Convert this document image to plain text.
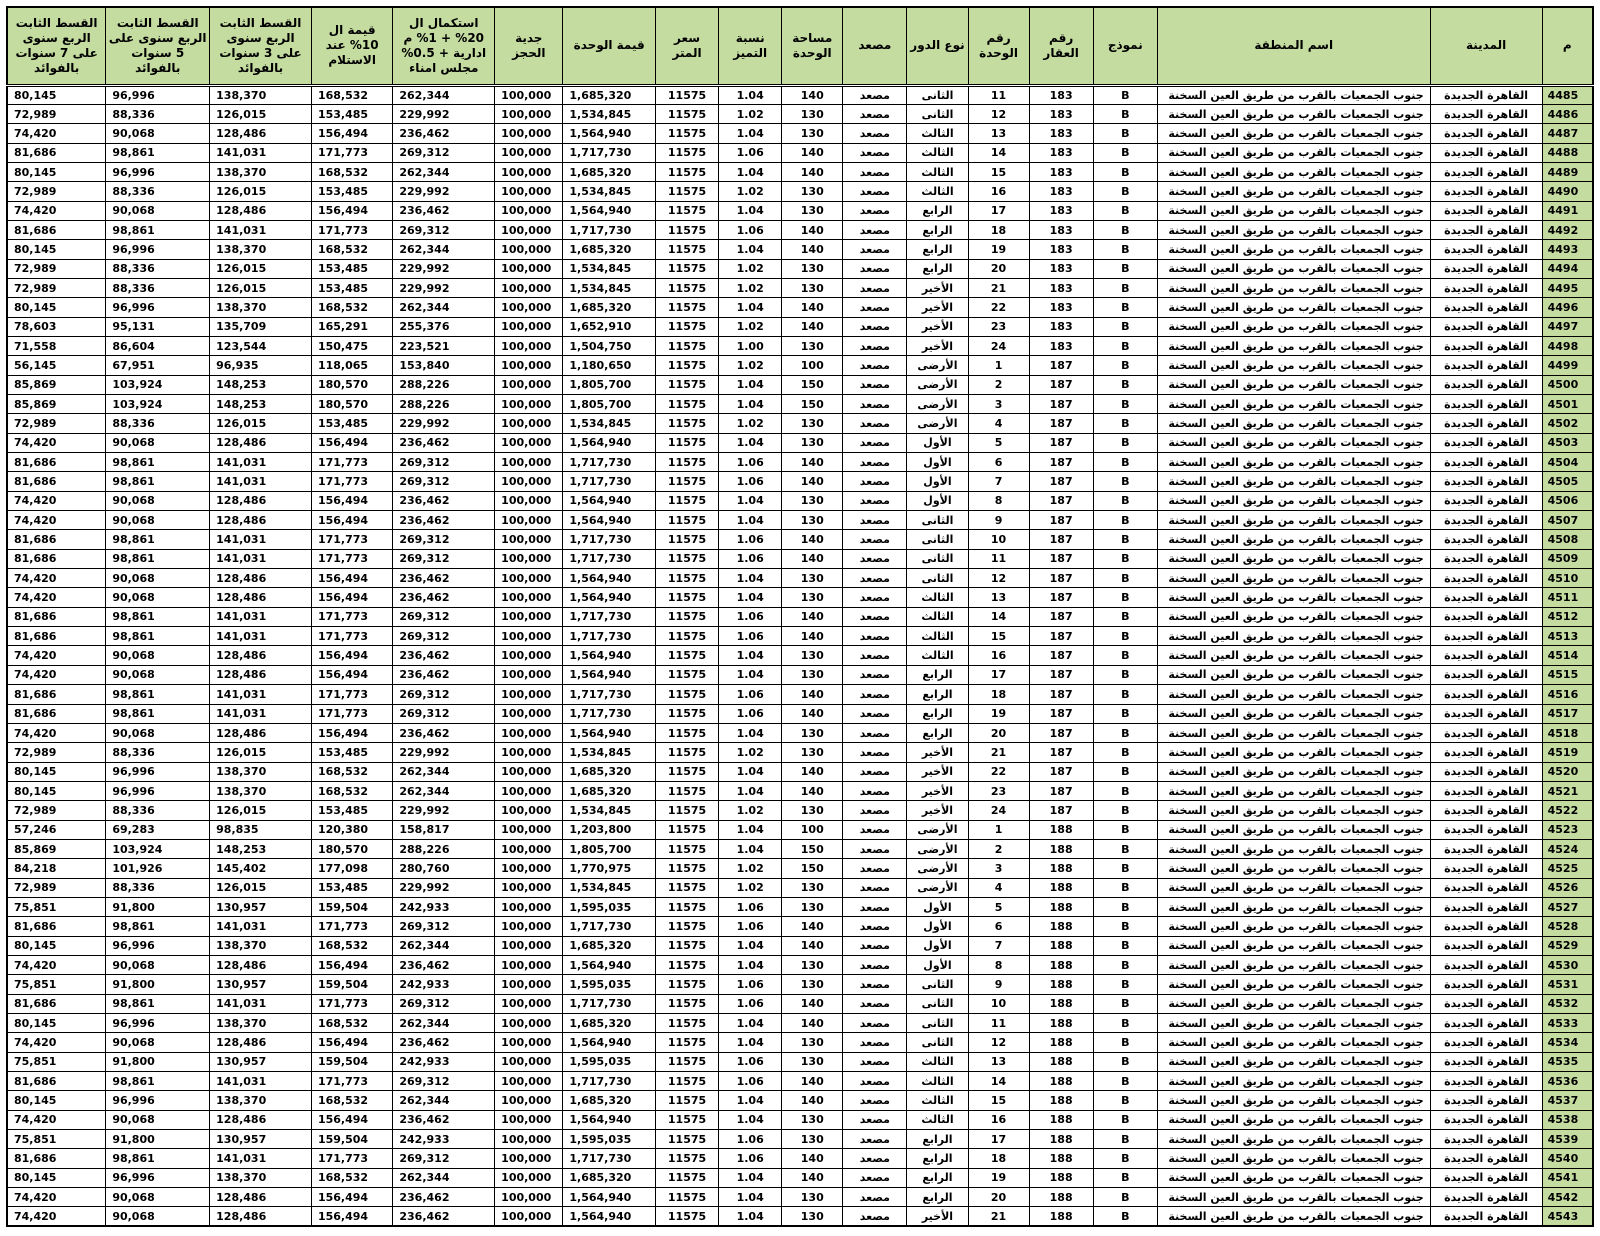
م	المدينة	اسم المنطقة	نموذج	رقم العقار	رقم الوحدة	نوع الدور	مصعد	مساحة الوحدة	نسبة التميز	سعر المتر	قيمة الوحدة	جدية الحجز	استكمال ال 20% + 1% م ادارية + 0.5% مجلس امناء	قيمة ال 10% عند الاستلام	القسط الثابت الربع سنوى على 3 سنوات بالفوائد	القسط الثابت الربع سنوى على 5 سنوات بالفوائد	القسط الثابت الربع سنوى على 7 سنوات بالفوائد
4485	القاهرة الجديدة	جنوب الجمعيات بالقرب من طريق العين السخنة	B	183	11	الثانى	مصعد	140	1.04	11575	1,685,320	100,000	262,344	168,532	138,370	96,996	80,145
4486	القاهرة الجديدة	جنوب الجمعيات بالقرب من طريق العين السخنة	B	183	12	الثانى	مصعد	130	1.02	11575	1,534,845	100,000	229,992	153,485	126,015	88,336	72,989
4487	القاهرة الجديدة	جنوب الجمعيات بالقرب من طريق العين السخنة	B	183	13	الثالث	مصعد	130	1.04	11575	1,564,940	100,000	236,462	156,494	128,486	90,068	74,420
4488	القاهرة الجديدة	جنوب الجمعيات بالقرب من طريق العين السخنة	B	183	14	الثالث	مصعد	140	1.06	11575	1,717,730	100,000	269,312	171,773	141,031	98,861	81,686
4489	القاهرة الجديدة	جنوب الجمعيات بالقرب من طريق العين السخنة	B	183	15	الثالث	مصعد	140	1.04	11575	1,685,320	100,000	262,344	168,532	138,370	96,996	80,145
4490	القاهرة الجديدة	جنوب الجمعيات بالقرب من طريق العين السخنة	B	183	16	الثالث	مصعد	130	1.02	11575	1,534,845	100,000	229,992	153,485	126,015	88,336	72,989
4491	القاهرة الجديدة	جنوب الجمعيات بالقرب من طريق العين السخنة	B	183	17	الرابع	مصعد	130	1.04	11575	1,564,940	100,000	236,462	156,494	128,486	90,068	74,420
4492	القاهرة الجديدة	جنوب الجمعيات بالقرب من طريق العين السخنة	B	183	18	الرابع	مصعد	140	1.06	11575	1,717,730	100,000	269,312	171,773	141,031	98,861	81,686
4493	القاهرة الجديدة	جنوب الجمعيات بالقرب من طريق العين السخنة	B	183	19	الرابع	مصعد	140	1.04	11575	1,685,320	100,000	262,344	168,532	138,370	96,996	80,145
4494	القاهرة الجديدة	جنوب الجمعيات بالقرب من طريق العين السخنة	B	183	20	الرابع	مصعد	130	1.02	11575	1,534,845	100,000	229,992	153,485	126,015	88,336	72,989
4495	القاهرة الجديدة	جنوب الجمعيات بالقرب من طريق العين السخنة	B	183	21	الأخير	مصعد	130	1.02	11575	1,534,845	100,000	229,992	153,485	126,015	88,336	72,989
4496	القاهرة الجديدة	جنوب الجمعيات بالقرب من طريق العين السخنة	B	183	22	الأخير	مصعد	140	1.04	11575	1,685,320	100,000	262,344	168,532	138,370	96,996	80,145
4497	القاهرة الجديدة	جنوب الجمعيات بالقرب من طريق العين السخنة	B	183	23	الأخير	مصعد	140	1.02	11575	1,652,910	100,000	255,376	165,291	135,709	95,131	78,603
4498	القاهرة الجديدة	جنوب الجمعيات بالقرب من طريق العين السخنة	B	183	24	الأخير	مصعد	130	1.00	11575	1,504,750	100,000	223,521	150,475	123,544	86,604	71,558
4499	القاهرة الجديدة	جنوب الجمعيات بالقرب من طريق العين السخنة	B	187	1	الأرضى	مصعد	100	1.02	11575	1,180,650	100,000	153,840	118,065	96,935	67,951	56,145
4500	القاهرة الجديدة	جنوب الجمعيات بالقرب من طريق العين السخنة	B	187	2	الأرضى	مصعد	150	1.04	11575	1,805,700	100,000	288,226	180,570	148,253	103,924	85,869
4501	القاهرة الجديدة	جنوب الجمعيات بالقرب من طريق العين السخنة	B	187	3	الأرضى	مصعد	150	1.04	11575	1,805,700	100,000	288,226	180,570	148,253	103,924	85,869
4502	القاهرة الجديدة	جنوب الجمعيات بالقرب من طريق العين السخنة	B	187	4	الأرضى	مصعد	130	1.02	11575	1,534,845	100,000	229,992	153,485	126,015	88,336	72,989
4503	القاهرة الجديدة	جنوب الجمعيات بالقرب من طريق العين السخنة	B	187	5	الأول	مصعد	130	1.04	11575	1,564,940	100,000	236,462	156,494	128,486	90,068	74,420
4504	القاهرة الجديدة	جنوب الجمعيات بالقرب من طريق العين السخنة	B	187	6	الأول	مصعد	140	1.06	11575	1,717,730	100,000	269,312	171,773	141,031	98,861	81,686
4505	القاهرة الجديدة	جنوب الجمعيات بالقرب من طريق العين السخنة	B	187	7	الأول	مصعد	140	1.06	11575	1,717,730	100,000	269,312	171,773	141,031	98,861	81,686
4506	القاهرة الجديدة	جنوب الجمعيات بالقرب من طريق العين السخنة	B	187	8	الأول	مصعد	130	1.04	11575	1,564,940	100,000	236,462	156,494	128,486	90,068	74,420
4507	القاهرة الجديدة	جنوب الجمعيات بالقرب من طريق العين السخنة	B	187	9	الثانى	مصعد	130	1.04	11575	1,564,940	100,000	236,462	156,494	128,486	90,068	74,420
4508	القاهرة الجديدة	جنوب الجمعيات بالقرب من طريق العين السخنة	B	187	10	الثانى	مصعد	140	1.06	11575	1,717,730	100,000	269,312	171,773	141,031	98,861	81,686
4509	القاهرة الجديدة	جنوب الجمعيات بالقرب من طريق العين السخنة	B	187	11	الثانى	مصعد	140	1.06	11575	1,717,730	100,000	269,312	171,773	141,031	98,861	81,686
4510	القاهرة الجديدة	جنوب الجمعيات بالقرب من طريق العين السخنة	B	187	12	الثانى	مصعد	130	1.04	11575	1,564,940	100,000	236,462	156,494	128,486	90,068	74,420
4511	القاهرة الجديدة	جنوب الجمعيات بالقرب من طريق العين السخنة	B	187	13	الثالث	مصعد	130	1.04	11575	1,564,940	100,000	236,462	156,494	128,486	90,068	74,420
4512	القاهرة الجديدة	جنوب الجمعيات بالقرب من طريق العين السخنة	B	187	14	الثالث	مصعد	140	1.06	11575	1,717,730	100,000	269,312	171,773	141,031	98,861	81,686
4513	القاهرة الجديدة	جنوب الجمعيات بالقرب من طريق العين السخنة	B	187	15	الثالث	مصعد	140	1.06	11575	1,717,730	100,000	269,312	171,773	141,031	98,861	81,686
4514	القاهرة الجديدة	جنوب الجمعيات بالقرب من طريق العين السخنة	B	187	16	الثالث	مصعد	130	1.04	11575	1,564,940	100,000	236,462	156,494	128,486	90,068	74,420
4515	القاهرة الجديدة	جنوب الجمعيات بالقرب من طريق العين السخنة	B	187	17	الرابع	مصعد	130	1.04	11575	1,564,940	100,000	236,462	156,494	128,486	90,068	74,420
4516	القاهرة الجديدة	جنوب الجمعيات بالقرب من طريق العين السخنة	B	187	18	الرابع	مصعد	140	1.06	11575	1,717,730	100,000	269,312	171,773	141,031	98,861	81,686
4517	القاهرة الجديدة	جنوب الجمعيات بالقرب من طريق العين السخنة	B	187	19	الرابع	مصعد	140	1.06	11575	1,717,730	100,000	269,312	171,773	141,031	98,861	81,686
4518	القاهرة الجديدة	جنوب الجمعيات بالقرب من طريق العين السخنة	B	187	20	الرابع	مصعد	130	1.04	11575	1,564,940	100,000	236,462	156,494	128,486	90,068	74,420
4519	القاهرة الجديدة	جنوب الجمعيات بالقرب من طريق العين السخنة	B	187	21	الأخير	مصعد	130	1.02	11575	1,534,845	100,000	229,992	153,485	126,015	88,336	72,989
4520	القاهرة الجديدة	جنوب الجمعيات بالقرب من طريق العين السخنة	B	187	22	الأخير	مصعد	140	1.04	11575	1,685,320	100,000	262,344	168,532	138,370	96,996	80,145
4521	القاهرة الجديدة	جنوب الجمعيات بالقرب من طريق العين السخنة	B	187	23	الأخير	مصعد	140	1.04	11575	1,685,320	100,000	262,344	168,532	138,370	96,996	80,145
4522	القاهرة الجديدة	جنوب الجمعيات بالقرب من طريق العين السخنة	B	187	24	الأخير	مصعد	130	1.02	11575	1,534,845	100,000	229,992	153,485	126,015	88,336	72,989
4523	القاهرة الجديدة	جنوب الجمعيات بالقرب من طريق العين السخنة	B	188	1	الأرضى	مصعد	100	1.04	11575	1,203,800	100,000	158,817	120,380	98,835	69,283	57,246
4524	القاهرة الجديدة	جنوب الجمعيات بالقرب من طريق العين السخنة	B	188	2	الأرضى	مصعد	150	1.04	11575	1,805,700	100,000	288,226	180,570	148,253	103,924	85,869
4525	القاهرة الجديدة	جنوب الجمعيات بالقرب من طريق العين السخنة	B	188	3	الأرضى	مصعد	150	1.02	11575	1,770,975	100,000	280,760	177,098	145,402	101,926	84,218
4526	القاهرة الجديدة	جنوب الجمعيات بالقرب من طريق العين السخنة	B	188	4	الأرضى	مصعد	130	1.02	11575	1,534,845	100,000	229,992	153,485	126,015	88,336	72,989
4527	القاهرة الجديدة	جنوب الجمعيات بالقرب من طريق العين السخنة	B	188	5	الأول	مصعد	130	1.06	11575	1,595,035	100,000	242,933	159,504	130,957	91,800	75,851
4528	القاهرة الجديدة	جنوب الجمعيات بالقرب من طريق العين السخنة	B	188	6	الأول	مصعد	140	1.06	11575	1,717,730	100,000	269,312	171,773	141,031	98,861	81,686
4529	القاهرة الجديدة	جنوب الجمعيات بالقرب من طريق العين السخنة	B	188	7	الأول	مصعد	140	1.04	11575	1,685,320	100,000	262,344	168,532	138,370	96,996	80,145
4530	القاهرة الجديدة	جنوب الجمعيات بالقرب من طريق العين السخنة	B	188	8	الأول	مصعد	130	1.04	11575	1,564,940	100,000	236,462	156,494	128,486	90,068	74,420
4531	القاهرة الجديدة	جنوب الجمعيات بالقرب من طريق العين السخنة	B	188	9	الثانى	مصعد	130	1.06	11575	1,595,035	100,000	242,933	159,504	130,957	91,800	75,851
4532	القاهرة الجديدة	جنوب الجمعيات بالقرب من طريق العين السخنة	B	188	10	الثانى	مصعد	140	1.06	11575	1,717,730	100,000	269,312	171,773	141,031	98,861	81,686
4533	القاهرة الجديدة	جنوب الجمعيات بالقرب من طريق العين السخنة	B	188	11	الثانى	مصعد	140	1.04	11575	1,685,320	100,000	262,344	168,532	138,370	96,996	80,145
4534	القاهرة الجديدة	جنوب الجمعيات بالقرب من طريق العين السخنة	B	188	12	الثانى	مصعد	130	1.04	11575	1,564,940	100,000	236,462	156,494	128,486	90,068	74,420
4535	القاهرة الجديدة	جنوب الجمعيات بالقرب من طريق العين السخنة	B	188	13	الثالث	مصعد	130	1.06	11575	1,595,035	100,000	242,933	159,504	130,957	91,800	75,851
4536	القاهرة الجديدة	جنوب الجمعيات بالقرب من طريق العين السخنة	B	188	14	الثالث	مصعد	140	1.06	11575	1,717,730	100,000	269,312	171,773	141,031	98,861	81,686
4537	القاهرة الجديدة	جنوب الجمعيات بالقرب من طريق العين السخنة	B	188	15	الثالث	مصعد	140	1.04	11575	1,685,320	100,000	262,344	168,532	138,370	96,996	80,145
4538	القاهرة الجديدة	جنوب الجمعيات بالقرب من طريق العين السخنة	B	188	16	الثالث	مصعد	130	1.04	11575	1,564,940	100,000	236,462	156,494	128,486	90,068	74,420
4539	القاهرة الجديدة	جنوب الجمعيات بالقرب من طريق العين السخنة	B	188	17	الرابع	مصعد	130	1.06	11575	1,595,035	100,000	242,933	159,504	130,957	91,800	75,851
4540	القاهرة الجديدة	جنوب الجمعيات بالقرب من طريق العين السخنة	B	188	18	الرابع	مصعد	140	1.06	11575	1,717,730	100,000	269,312	171,773	141,031	98,861	81,686
4541	القاهرة الجديدة	جنوب الجمعيات بالقرب من طريق العين السخنة	B	188	19	الرابع	مصعد	140	1.04	11575	1,685,320	100,000	262,344	168,532	138,370	96,996	80,145
4542	القاهرة الجديدة	جنوب الجمعيات بالقرب من طريق العين السخنة	B	188	20	الرابع	مصعد	130	1.04	11575	1,564,940	100,000	236,462	156,494	128,486	90,068	74,420
4543	القاهرة الجديدة	جنوب الجمعيات بالقرب من طريق العين السخنة	B	188	21	الأخير	مصعد	130	1.04	11575	1,564,940	100,000	236,462	156,494	128,486	90,068	74,420
